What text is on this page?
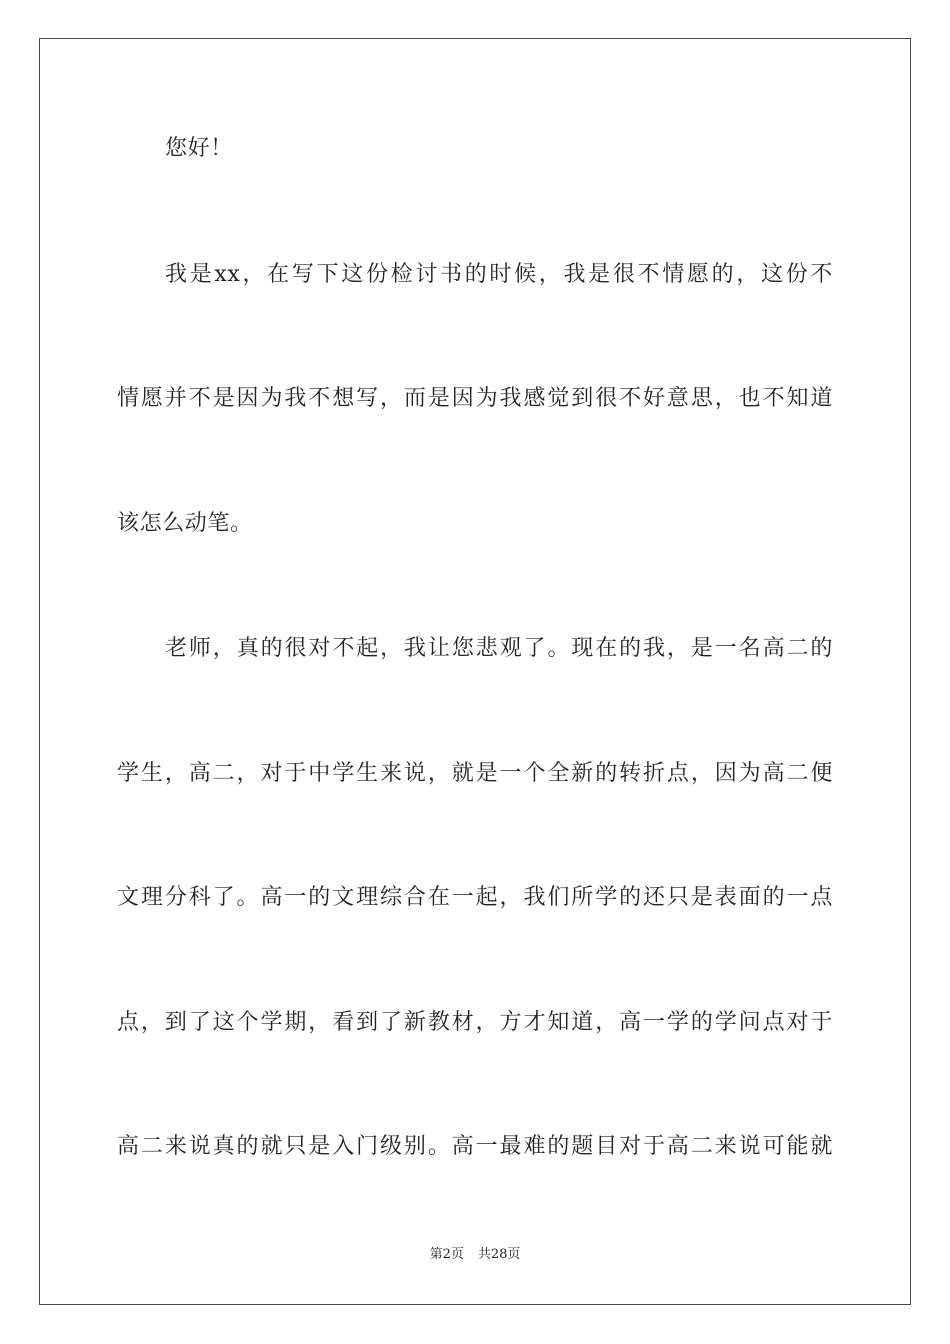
您好！
我是xx，在写下这份检讨书的时候，我是很不情愿的，这份不
情愿并不是因为我不想写，而是因为我感觉到很不好意思，也不知道
该怎么动笔。
老师，真的很对不起，我让您悲观了。现在的我，是一名高二的
学生，高二，对于中学生来说，就是一个全新的转折点，因为高二便
文理分科了。高一的文理综合在一起，我们所学的还只是表面的一点
点，到了这个学期，看到了新教材，方才知道，高一学的学问点对于
高二来说真的就只是入门级别。高一最难的题目对于高二来说可能就
第2页 共28页
